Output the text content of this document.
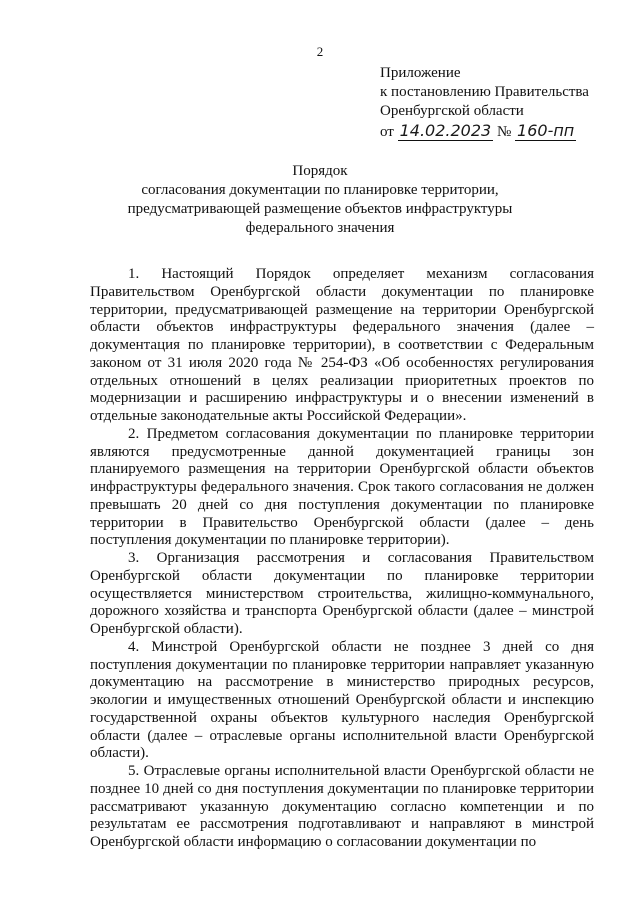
2
Приложение
к постановлению Правительства
Оренбургской области
от 14.02.2023 № 160-пп
Порядок
согласования документации по планировке территории,
предусматривающей размещение объектов инфраструктуры
федерального значения

1. Настоящий Порядок определяет механизм согласования Правительством Оренбургской области документации по планировке территории, предусматривающей размещение на территории Оренбургской области объектов инфраструктуры федерального значения (далее – документация по планировке территории), в соответствии с Федеральным законом от 31 июля 2020 года № 254-ФЗ «Об особенностях регулирования отдельных отношений в целях реализации приоритетных проектов по модернизации и расширению инфраструктуры и о внесении изменений в отдельные законодательные акты Российской Федерации».

2. Предметом согласования документации по планировке территории являются предусмотренные данной документацией границы зон планируемого размещения на территории Оренбургской области объектов инфраструктуры федерального значения. Срок такого согласования не должен превышать 20 дней со дня поступления документации по планировке территории в Правительство Оренбургской области (далее – день поступления документации по планировке территории).

3. Организация рассмотрения и согласования Правительством Оренбургской области документации по планировке территории осуществляется министерством строительства, жилищно-коммунального, дорожного хозяйства и транспорта Оренбургской области (далее – минстрой Оренбургской области).

4. Минстрой Оренбургской области не позднее 3 дней со дня поступления документации по планировке территории направляет указанную документацию на рассмотрение в министерство природных ресурсов, экологии и имущественных отношений Оренбургской области и инспекцию государственной охраны объектов культурного наследия Оренбургской области (далее – отраслевые органы исполнительной власти Оренбургской области).

5. Отраслевые органы исполнительной власти Оренбургской области не позднее 10 дней со дня поступления документации по планировке территории рассматривают указанную документацию согласно компетенции и по результатам ее рассмотрения подготавливают и направляют в минстрой Оренбургской области информацию о согласовании документации по
